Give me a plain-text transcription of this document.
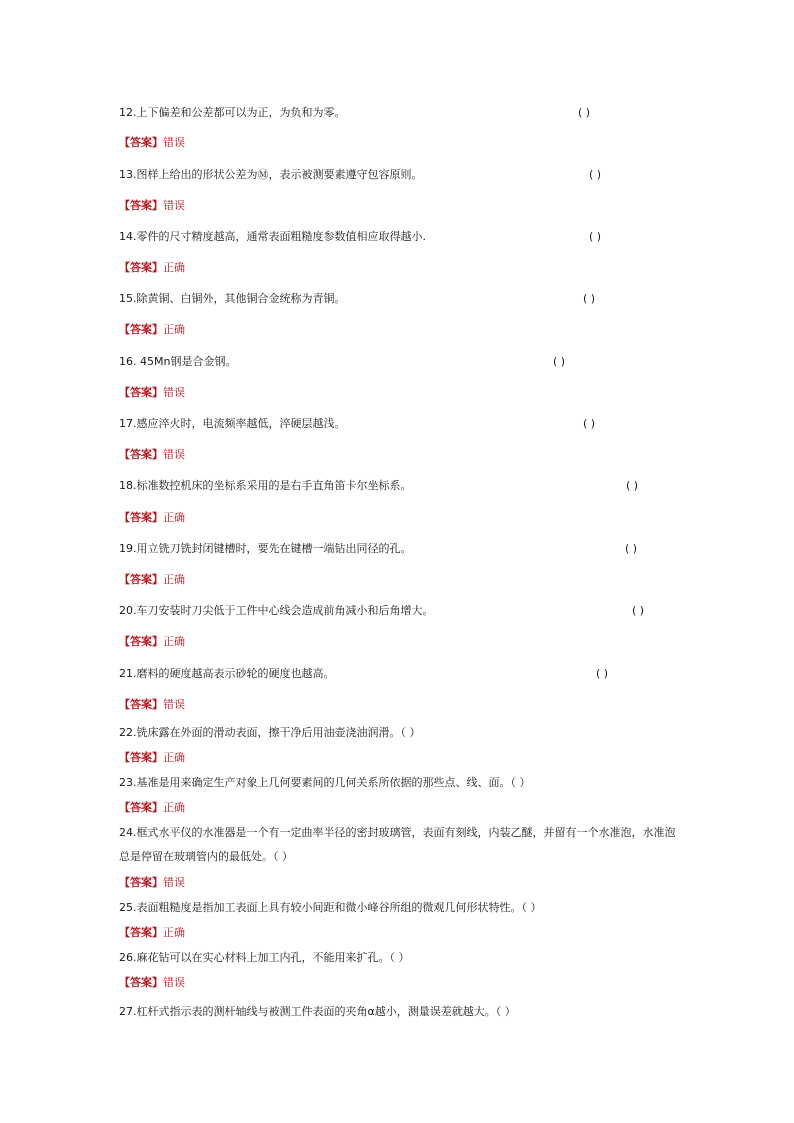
12.上下偏差和公差都可以为正，为负和为零。	( )
【答案】错误
13.图样上给出的形状公差为Ⓜ，表示被测要素遵守包容原则。	( )
【答案】错误
14.零件的尺寸精度越高，通常表面粗糙度参数值相应取得越小.	( )
【答案】正确
15.除黄铜、白铜外，其他铜合金统称为青铜。	( )
【答案】正确
16. 45Mn钢是合金钢。	( )
【答案】错误
17.感应淬火时，电流频率越低，淬硬层越浅。	( )
【答案】错误
18.标准数控机床的坐标系采用的是右手直角笛卡尔坐标系。	( )
【答案】正确
19.用立铣刀铣封闭键槽时，要先在键槽一端钻出同径的孔。	( )
【答案】正确
20.车刀安装时刀尖低于工件中心线会造成前角减小和后角增大。	( )
【答案】正确
21.磨料的硬度越高表示砂轮的硬度也越高。	( )
【答案】错误
22.铣床露在外面的滑动表面，擦干净后用油壶浇油润滑。（ ）
【答案】正确
23.基准是用来确定生产对象上几何要素间的几何关系所依据的那些点、线、面。（ ）
【答案】正确
24.框式水平仪的水准器是一个有一定曲率半径的密封玻璃管，表面有刻线，内装乙醚，并留有一个水准泡，水准泡总是停留在玻璃管内的最低处。（ ）
【答案】错误
25.表面粗糙度是指加工表面上具有较小间距和微小峰谷所组的微观几何形状特性。（ ）
【答案】正确
26.麻花钻可以在实心材料上加工内孔，不能用来扩孔。（ ）
【答案】错误
27.杠杆式指示表的测杆轴线与被测工件表面的夹角α越小，测量误差就越大。（ ）
